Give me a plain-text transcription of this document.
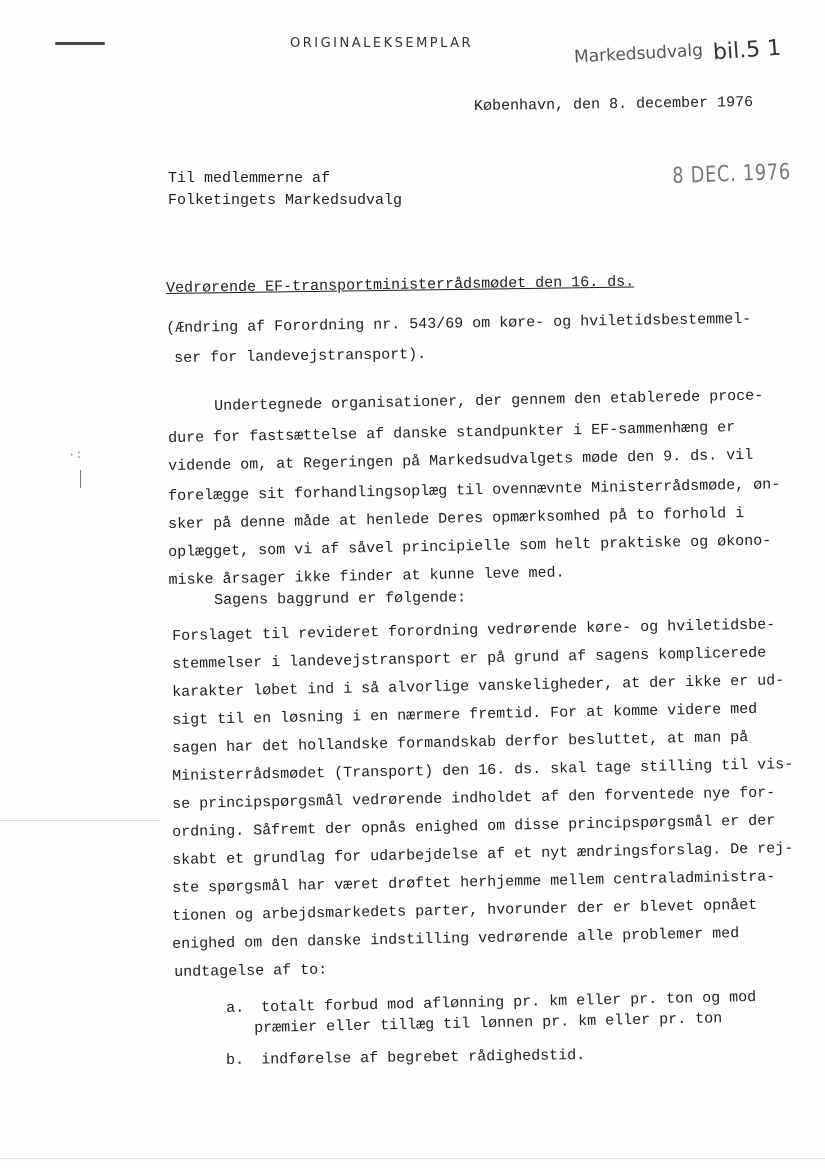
ORIGINALEKSEMPLAR	Markedsudvalg bil.5 1
København, den 8. december 1976
Til medlemmerne af
Folketingets Markedsudvalg
8 DEC. 1976
Vedrørende EF-transportministerrådsmødet den 16. ds.
(Ændring af Forordning nr. 543/69 om køre- og hviletidsbestemmel-
ser for landevejstransport).
Undertegnede organisationer, der gennem den etablerede proce-
dure for fastsættelse af danske standpunkter i EF-sammenhæng er
vidende om, at Regeringen på Markedsudvalgets møde den 9. ds. vil
forelægge sit forhandlingsoplæg til ovennævnte Ministerrådsmøde, øn-
sker på denne måde at henlede Deres opmærksomhed på to forhold i
oplægget, som vi af såvel principielle som helt praktiske og økono-
miske årsager ikke finder at kunne leve med.
Sagens baggrund er følgende:
Forslaget til revideret forordning vedrørende køre- og hviletidsbe-
stemmelser i landevejstransport er på grund af sagens komplicerede
karakter løbet ind i så alvorlige vanskeligheder, at der ikke er ud-
sigt til en løsning i en nærmere fremtid. For at komme videre med
sagen har det hollandske formandskab derfor besluttet, at man på
Ministerrådsmødet (Transport) den 16. ds. skal tage stilling til vis-
se principspørgsmål vedrørende indholdet af den forventede nye for-
ordning. Såfremt der opnås enighed om disse principspørgsmål er der
skabt et grundlag for udarbejdelse af et nyt ændringsforslag. De rej-
ste spørgsmål har været drøftet herhjemme mellem centraladministra-
tionen og arbejdsmarkedets parter, hvorunder der er blevet opnået
enighed om den danske indstilling vedrørende alle problemer med
undtagelse af to:
a. totalt forbud mod aflønning pr. km eller pr. ton og mod
præmier eller tillæg til lønnen pr. km eller pr. ton
b. indførelse af begrebet rådighedstid.
·:
